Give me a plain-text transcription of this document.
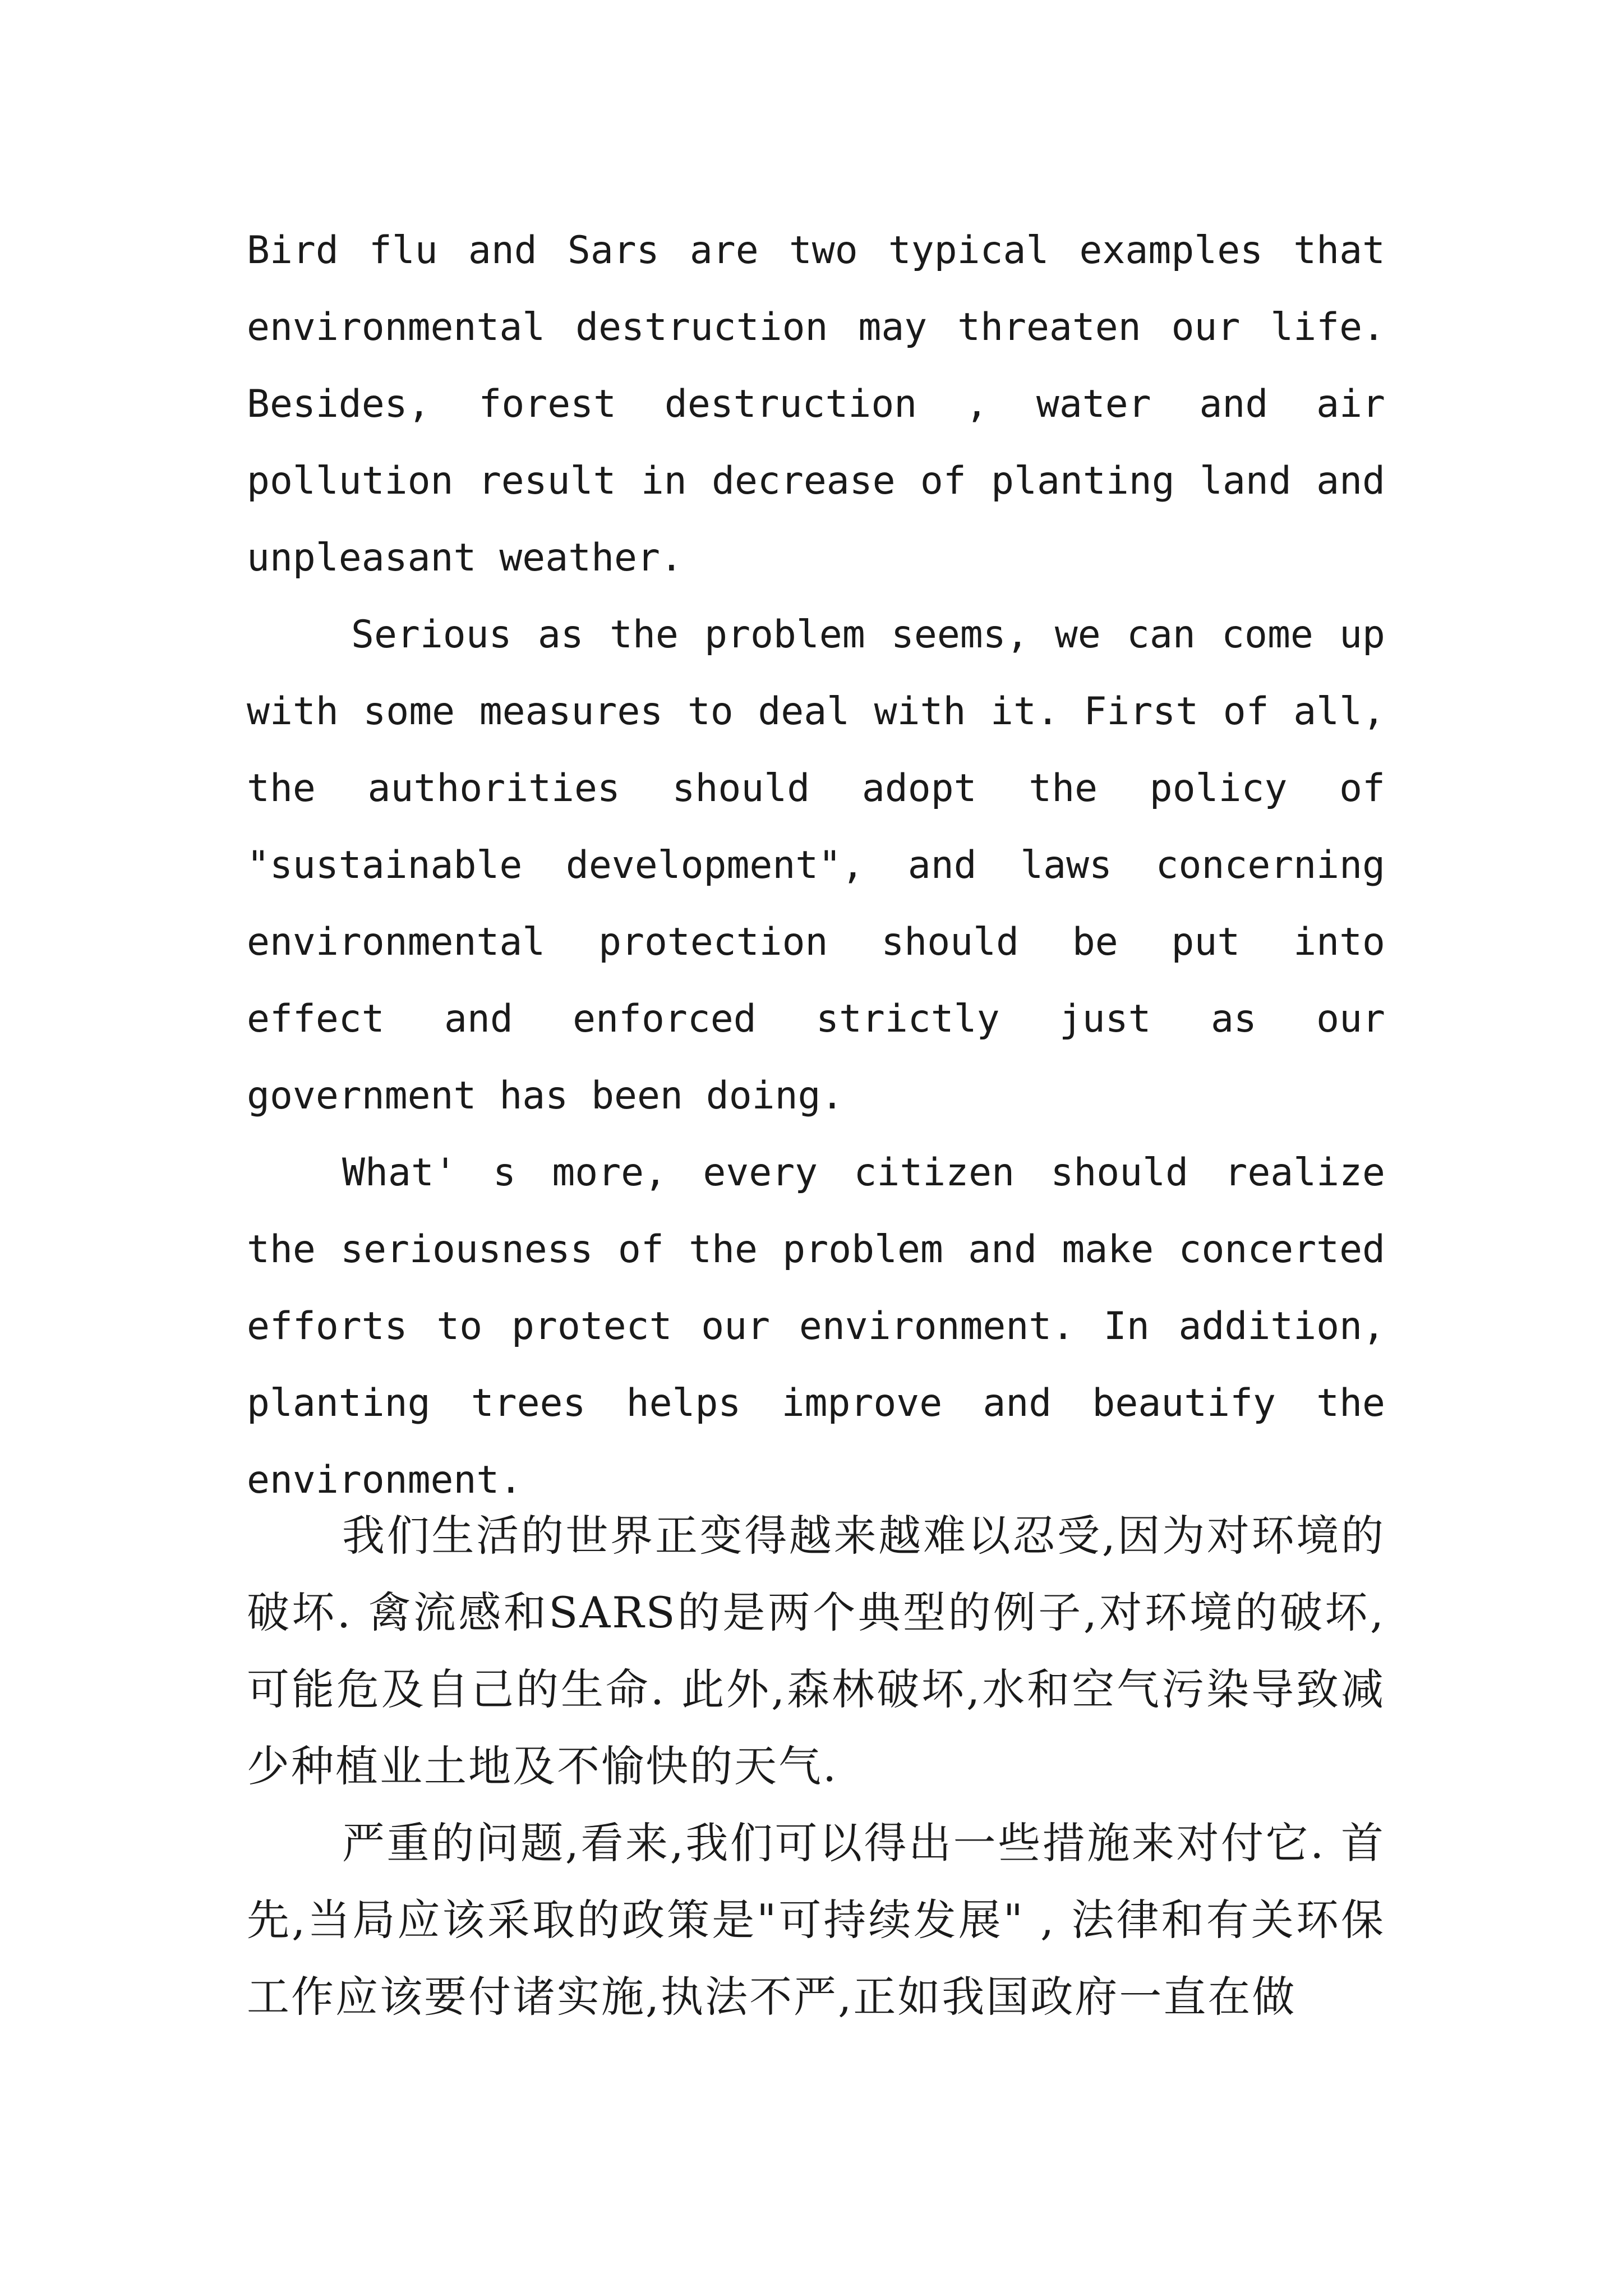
Bird flu and Sars are two typical examples that environmental destruction may threaten our life. Besides, forest destruction , water and air pollution result in decrease of planting land and unpleasant weather.

Serious as the problem seems, we can come up with some measures to deal with it. First of all, the authorities should adopt the policy of "sustainable development", and laws concerning environmental protection should be put into effect and enforced strictly just as our government has been doing.

What' s more, every citizen should realize the seriousness of the problem and make concerted efforts to protect our environment. In addition, planting trees helps improve and beautify the environment.

我们生活的世界正变得越来越难以忍受,因为对环境的破坏. 禽流感和SARS的是两个典型的例子,对环境的破坏,可能危及自己的生命. 此外,森林破坏,水和空气污染导致减少种植业土地及不愉快的天气.

严重的问题,看来,我们可以得出一些措施来对付它. 首先,当局应该采取的政策是"可持续发展" , 法律和有关环保工作应该要付诸实施,执法不严,正如我国政府一直在做
